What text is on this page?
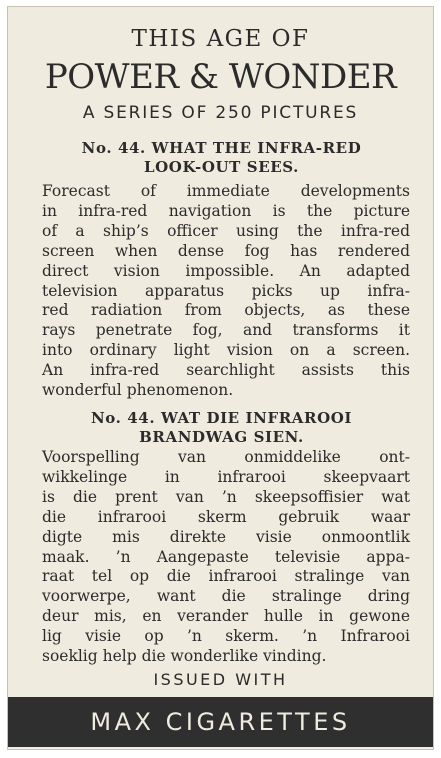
THIS AGE OF
POWER & WONDER
A SERIES OF 250 PICTURES
No. 44. WHAT THE INFRA-RED
LOOK-OUT SEES.
Forecast of immediate developments
in infra-red navigation is the picture
of a ship’s officer using the infra-red
screen when dense fog has rendered
direct vision impossible. An adapted
television apparatus picks up infra-
red radiation from objects, as these
rays penetrate fog, and transforms it
into ordinary light vision on a screen.
An infra-red searchlight assists this
wonderful phenomenon.
No. 44. WAT DIE INFRAROOI
BRANDWAG SIEN.
Voorspelling van onmiddelike ont-
wikkelinge in infrarooi skeepvaart
is die prent van ’n skeepsoffisier wat
die infrarooi skerm gebruik waar
digte mis direkte visie onmoontlik
maak. ’n Aangepaste televisie appa-
raat tel op die infrarooi stralinge van
voorwerpe, want die stralinge dring
deur mis, en verander hulle in gewone
lig visie op ’n skerm. ’n Infrarooi
soeklig help die wonderlike vinding.
ISSUED WITH
MAX CIGARETTES
